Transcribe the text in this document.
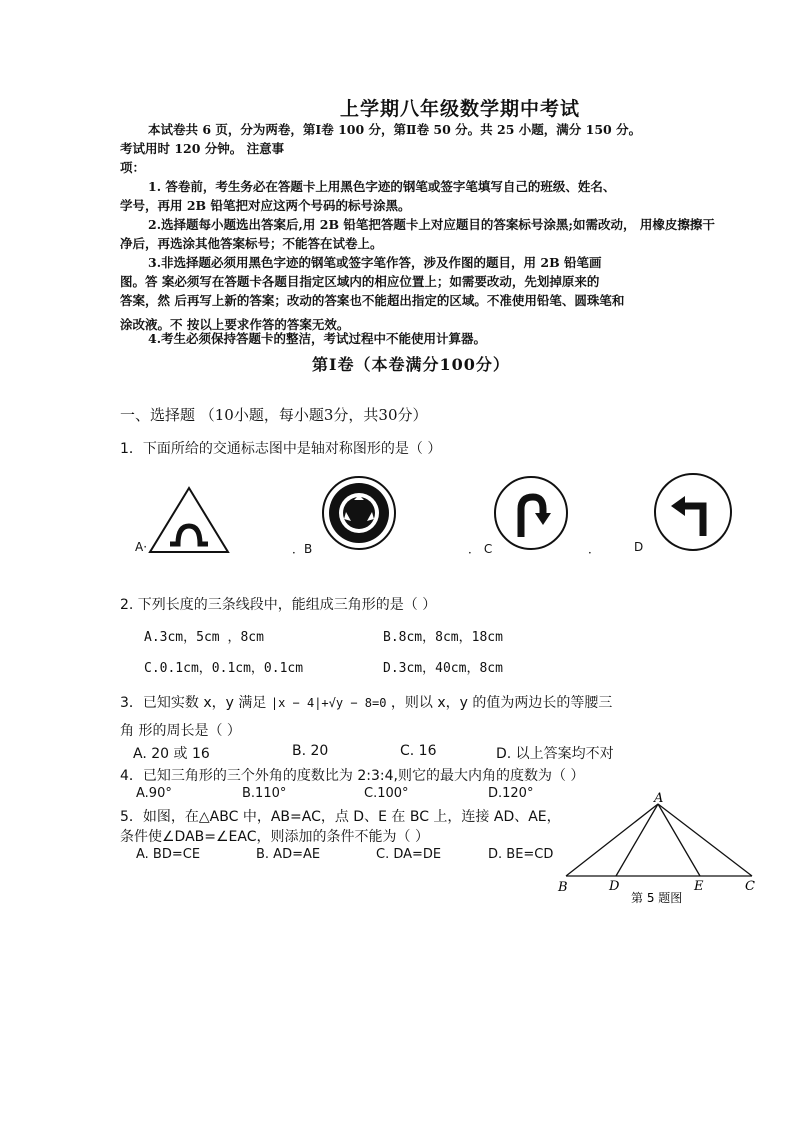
上学期八年级数学期中考试
本试卷共 6 页，分为两卷，第Ⅰ卷 100 分，第Ⅱ卷 50 分。共 25 小题，满分 150 分。
考试用时 120 分钟。 注意事
项：
1. 答卷前，考生务必在答题卡上用黑色字迹的钢笔或签字笔填写自己的班级、姓名、
学号，再用 2B 铅笔把对应这两个号码的标号涂黑。
2.选择题每小题选出答案后,用 2B 铅笔把答题卡上对应题目的答案标号涂黑;如需改动， 用橡皮擦擦干
净后，再选涂其他答案标号；不能答在试卷上。
3.非选择题必须用黑色字迹的钢笔或签字笔作答，涉及作图的题目，用 2B 铅笔画
图。答 案必须写在答题卡各题目指定区域内的相应位置上；如需要改动，先划掉原来的
答案，然 后再写上新的答案；改动的答案也不能超出指定的区域。不准使用铅笔、圆珠笔和
涂改液。不 按以上要求作答的答案无效。
4.考生必须保持答题卡的整洁，考试过程中不能使用计算器。
第Ⅰ卷（本卷满分100分）
一、选择题 （10小题，每小题3分，共30分）
1．下面所给的交通标志图中是轴对称图形的是（ ）
A·	．B	． C	．	D
2. 下列长度的三条线段中，能组成三角形的是（ ）
A.3cm，5cm ，8cm	B.8cm，8cm，18cm
C.0.1cm，0.1cm，0.1cm	D.3cm，40cm，8cm
3．已知实数 x，y 满足 |x − 4|+√y − 8=0 ，则以 x，y 的值为两边长的等腰三
角 形的周长是（ ）
A. 20 或 16	B. 20	C. 16	D. 以上答案均不对
4．已知三角形的三个外角的度数比为 2:3:4,则它的最大内角的度数为（ ）
A.90°	B.110°	C.100°	D.120°
5．如图，在△ABC 中，AB=AC，点 D、E 在 BC 上，连接 AD、AE，
条件使∠DAB=∠EAC，则添加的条件不能为（ ）
A. BD=CE	B. AD=AE	C. DA=DE	D. BE=CD
A
B	D	E	C
第 5 题图
